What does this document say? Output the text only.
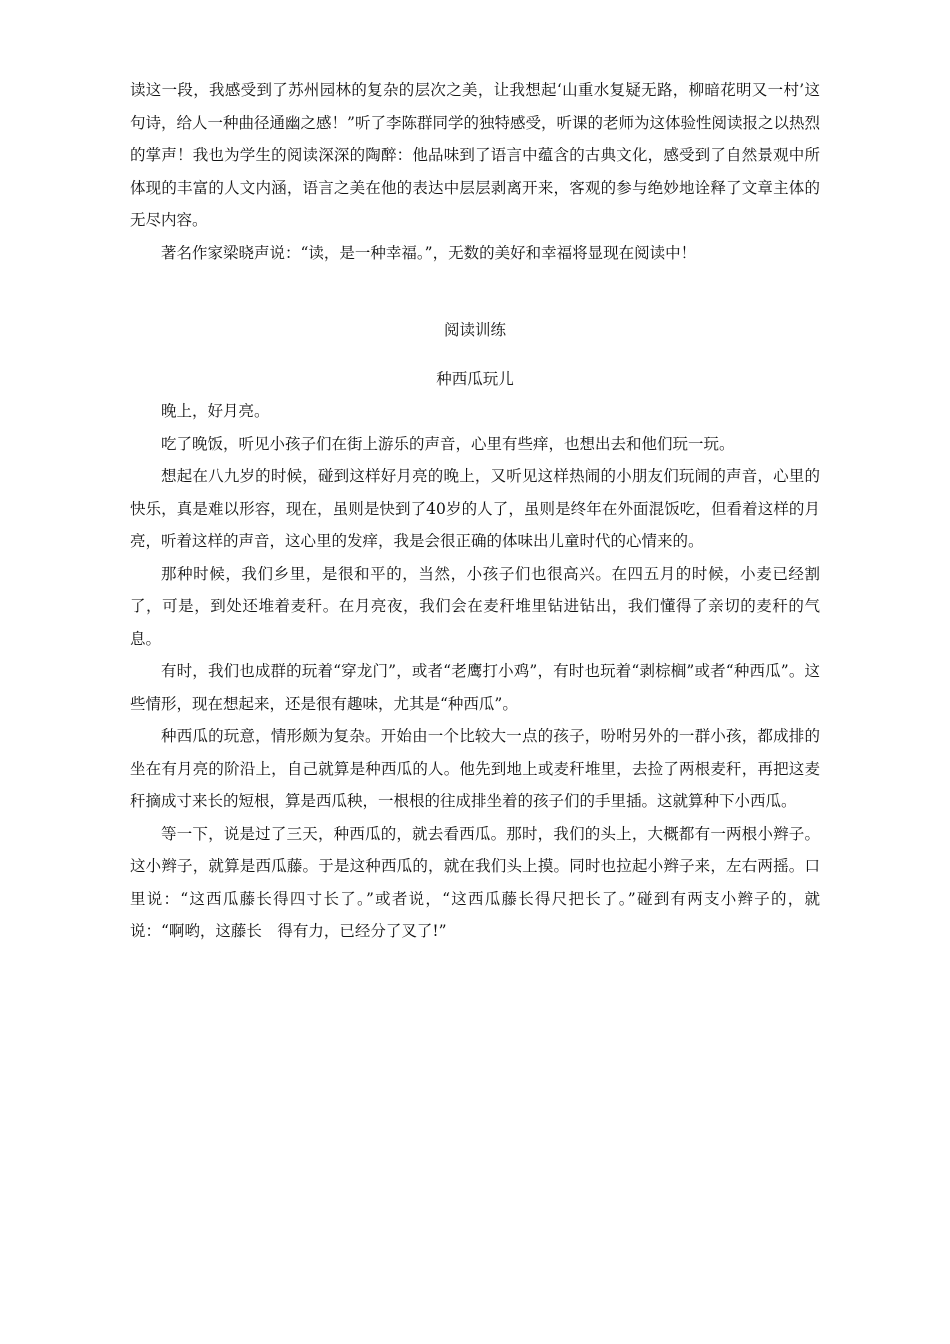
读这一段，我感受到了苏州园林的复杂的层次之美，让我想起‘山重水复疑无路，柳暗花明又一村’这句诗，给人一种曲径通幽之感！”听了李陈群同学的独特感受，听课的老师为这体验性阅读报之以热烈的掌声！我也为学生的阅读深深的陶醉：他品味到了语言中蕴含的古典文化，感受到了自然景观中所体现的丰富的人文内涵，语言之美在他的表达中层层剥离开来，客观的参与绝妙地诠释了文章主体的无尽内容。

著名作家梁晓声说：“读，是一种幸福。”，无数的美好和幸福将显现在阅读中！

阅读训练

种西瓜玩儿

晚上，好月亮。

吃了晚饭，听见小孩子们在街上游乐的声音，心里有些痒，也想出去和他们玩一玩。

想起在八九岁的时候，碰到这样好月亮的晚上，又听见这样热闹的小朋友们玩闹的声音，心里的快乐，真是难以形容，现在，虽则是快到了40岁的人了，虽则是终年在外面混饭吃，但看着这样的月亮，听着这样的声音，这心里的发痒，我是会很正确的体味出儿童时代的心情来的。

那种时候，我们乡里，是很和平的，当然，小孩子们也很高兴。在四五月的时候，小麦已经割了，可是，到处还堆着麦秆。在月亮夜，我们会在麦秆堆里钻进钻出，我们懂得了亲切的麦秆的气息。

有时，我们也成群的玩着“穿龙门”，或者“老鹰打小鸡”，有时也玩着“剥棕榈”或者“种西瓜”。这些情形，现在想起来，还是很有趣味，尤其是“种西瓜”。

种西瓜的玩意，情形颇为复杂。开始由一个比较大一点的孩子，吩咐另外的一群小孩，都成排的坐在有月亮的阶沿上，自己就算是种西瓜的人。他先到地上或麦秆堆里，去捡了两根麦秆，再把这麦秆摘成寸来长的短根，算是西瓜秧，一根根的往成排坐着的孩子们的手里插。这就算种下小西瓜。

等一下，说是过了三天，种西瓜的，就去看西瓜。那时，我们的头上，大概都有一两根小辫子。这小辫子，就算是西瓜藤。于是这种西瓜的，就在我们头上摸。同时也拉起小辫子来，左右两摇。口里说：“这西瓜藤长得四寸长了。”或者说，“这西瓜藤长得尺把长了。”碰到有两支小辫子的，就说：“啊哟，这藤长　得有力，已经分了叉了!”
